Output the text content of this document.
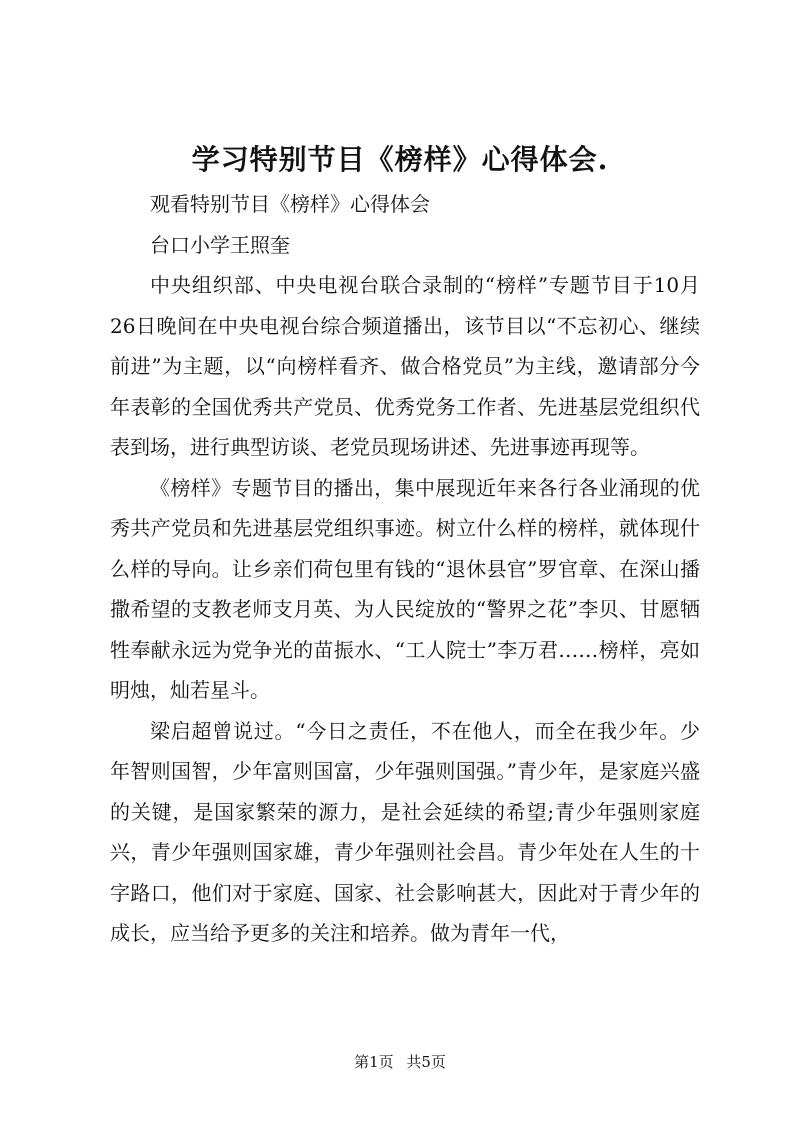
学习特别节目《榜样》心得体会.

观看特别节目《榜样》心得体会

台口小学王照奎

中央组织部、中央电视台联合录制的“榜样”专题节目于10月26日晚间在中央电视台综合频道播出，该节目以“不忘初心、继续前进”为主题，以“向榜样看齐、做合格党员”为主线，邀请部分今年表彰的全国优秀共产党员、优秀党务工作者、先进基层党组织代表到场，进行典型访谈、老党员现场讲述、先进事迹再现等。

《榜样》专题节目的播出，集中展现近年来各行各业涌现的优秀共产党员和先进基层党组织事迹。树立什么样的榜样，就体现什么样的导向。让乡亲们荷包里有钱的“退休县官”罗官章、在深山播撒希望的支教老师支月英、为人民绽放的“警界之花”李贝、甘愿牺牲奉献永远为党争光的苗振水、“工人院士”李万君……榜样，亮如明烛，灿若星斗。

梁启超曾说过。“今日之责任，不在他人，而全在我少年。少年智则国智，少年富则国富，少年强则国强。”青少年，是家庭兴盛的关键，是国家繁荣的源力，是社会延续的希望;青少年强则家庭兴，青少年强则国家雄，青少年强则社会昌。青少年处在人生的十字路口，他们对于家庭、国家、社会影响甚大，因此对于青少年的成长，应当给予更多的关注和培养。做为青年一代，

第1页 共5页
